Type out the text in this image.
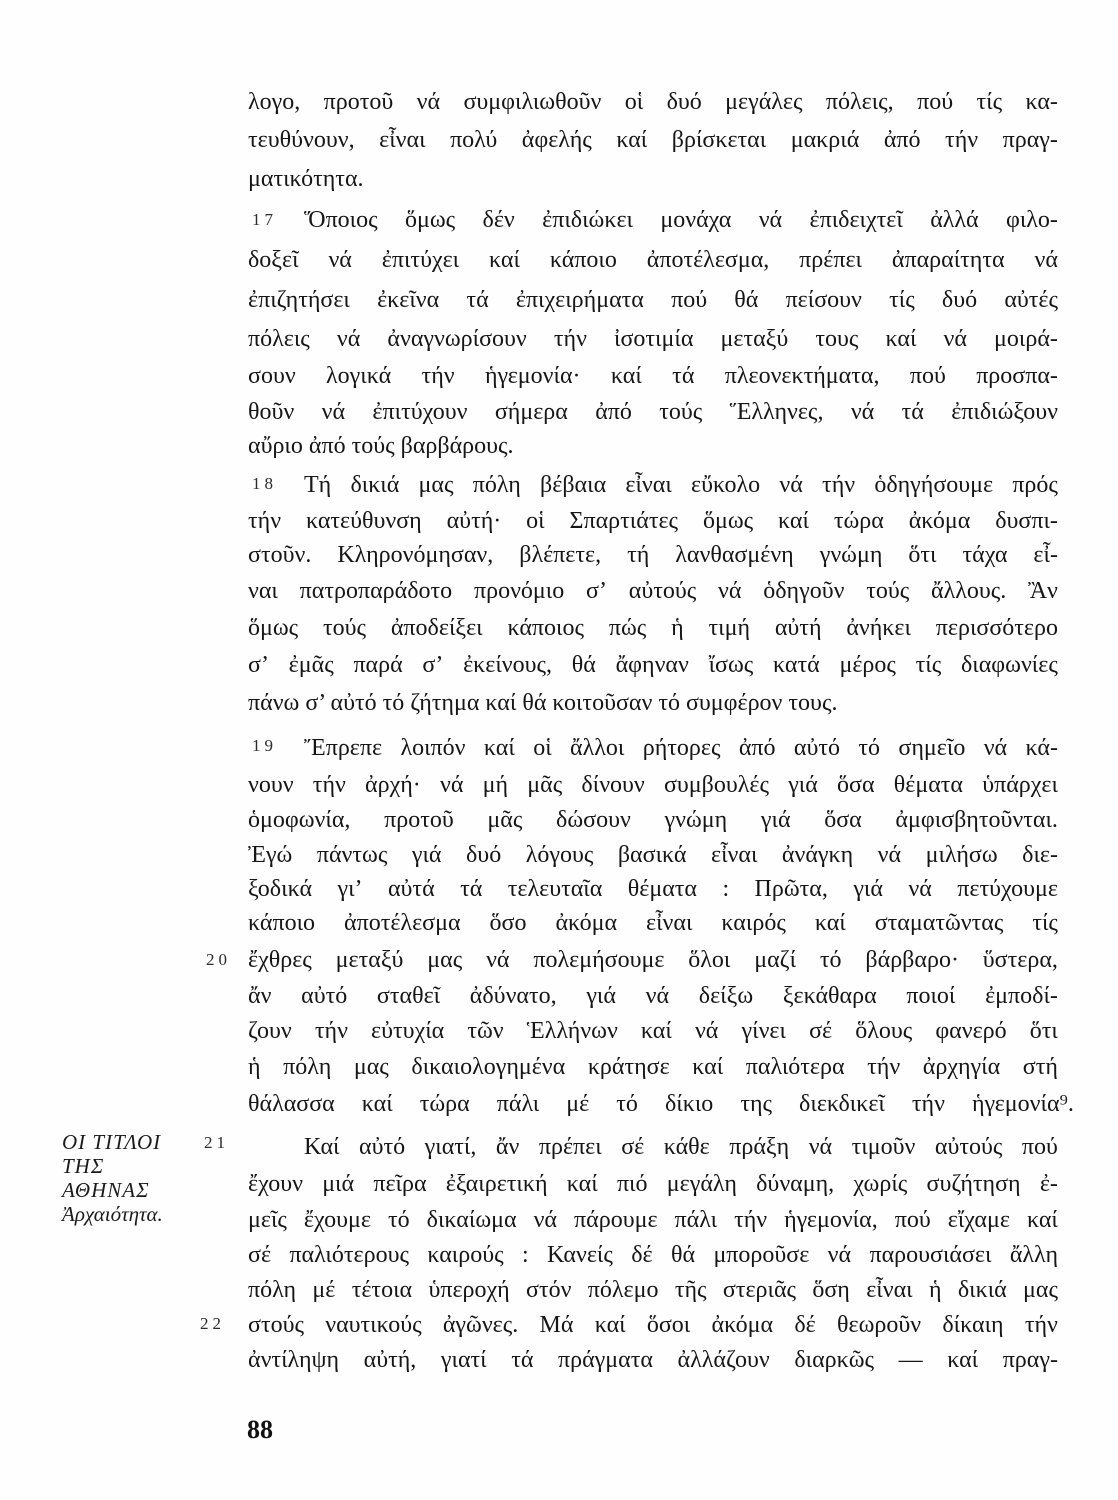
λογο, προτοῦ νά συμφιλιωθοῦν οἱ δυό μεγάλες πόλεις, πού τίς κα-
τευθύνουν, εἶναι πολύ ἀφελής καί βρίσκεται μακριά ἀπό τήν πραγ-
ματικότητα.
17 Ὅποιος ὅμως δέν ἐπιδιώκει μονάχα νά ἐπιδειχτεῖ ἀλλά φιλο-
δοξεῖ νά ἐπιτύχει καί κάποιο ἀποτέλεσμα, πρέπει ἀπαραίτητα νά
ἐπιζητήσει ἐκεῖνα τά ἐπιχειρήματα πού θά πείσουν τίς δυό αὐτές
πόλεις νά ἀναγνωρίσουν τήν ἰσοτιμία μεταξύ τους καί νά μοιρά-
σουν λογικά τήν ἡγεμονία· καί τά πλεονεκτήματα, πού προσπα-
θοῦν νά ἐπιτύχουν σήμερα ἀπό τούς Ἕλληνες, νά τά ἐπιδιώξουν
αὔριο ἀπό τούς βαρβάρους.
18 Τή δικιά μας πόλη βέβαια εἶναι εὔκολο νά τήν ὁδηγήσουμε πρός
τήν κατεύθυνση αὐτή· οἱ Σπαρτιάτες ὅμως καί τώρα ἀκόμα δυσπι-
στοῦν. Κληρονόμησαν, βλέπετε, τή λανθασμένη γνώμη ὅτι τάχα εἶ-
ναι πατροπαράδοτο προνόμιο σ’ αὐτούς νά ὁδηγοῦν τούς ἄλλους. Ἂν
ὅμως τούς ἀποδείξει κάποιος πώς ἡ τιμή αὐτή ἀνήκει περισσότερο
σ’ ἐμᾶς παρά σ’ ἐκείνους, θά ἄφηναν ἴσως κατά μέρος τίς διαφωνίες
πάνω σ’ αὐτό τό ζήτημα καί θά κοιτοῦσαν τό συμφέρον τους.
19
20
Ἔπρεπε λοιπόν καί οἱ ἄλλοι ρήτορες ἀπό αὐτό τό σημεῖο νά κά-
νουν τήν ἀρχή· νά μή μᾶς δίνουν συμβουλές γιά ὅσα θέματα ὑπάρχει
ὁμοφωνία, προτοῦ μᾶς δώσουν γνώμη γιά ὅσα ἀμφισβητοῦνται.
Ἐγώ πάντως γιά δυό λόγους βασικά εἶναι ἀνάγκη νά μιλήσω διε-
ξοδικά γι’ αὐτά τά τελευταῖα θέματα : Πρῶτα, γιά νά πετύχουμε
κάποιο ἀποτέλεσμα ὅσο ἀκόμα εἶναι καιρός καί σταματῶντας τίς
ἔχθρες μεταξύ μας νά πολεμήσουμε ὅλοι μαζί τό βάρβαρο· ὕστερα,
ἄν αὐτό σταθεῖ ἀδύνατο, γιά νά δείξω ξεκάθαρα ποιοί ἐμποδί-
ζουν τήν εὐτυχία τῶν Ἑλλήνων καί νά γίνει σέ ὅλους φανερό ὅτι
ἡ πόλη μας δικαιολογημένα κράτησε καί παλιότερα τήν ἀρχηγία στή
θάλασσα καί τώρα πάλι μέ τό δίκιο της διεκδικεῖ τήν ἡγεμονία⁹.
ΟΙ ΤΙΤΛΟΙ
ΤΗΣ
ΑΘΗΝΑΣ
Ἀρχαιότητα.
21
22
Καί αὐτό γιατί, ἄν πρέπει σέ κάθε πράξη νά τιμοῦν αὐτούς πού
ἔχουν μιά πεῖρα ἐξαιρετική καί πιό μεγάλη δύναμη, χωρίς συζήτηση ἐ-
μεῖς ἔχουμε τό δικαίωμα νά πάρουμε πάλι τήν ἡγεμονία, πού εἴχαμε καί
σέ παλιότερους καιρούς : Κανείς δέ θά μποροῦσε νά παρουσιάσει ἄλλη
πόλη μέ τέτοια ὑπεροχή στόν πόλεμο τῆς στεριᾶς ὅση εἶναι ἡ δικιά μας
στούς ναυτικούς ἀγῶνες. Μά καί ὅσοι ἀκόμα δέ θεωροῦν δίκαιη τήν
ἀντίληψη αὐτή, γιατί τά πράγματα ἀλλάζουν διαρκῶς — καί πραγ-
88
